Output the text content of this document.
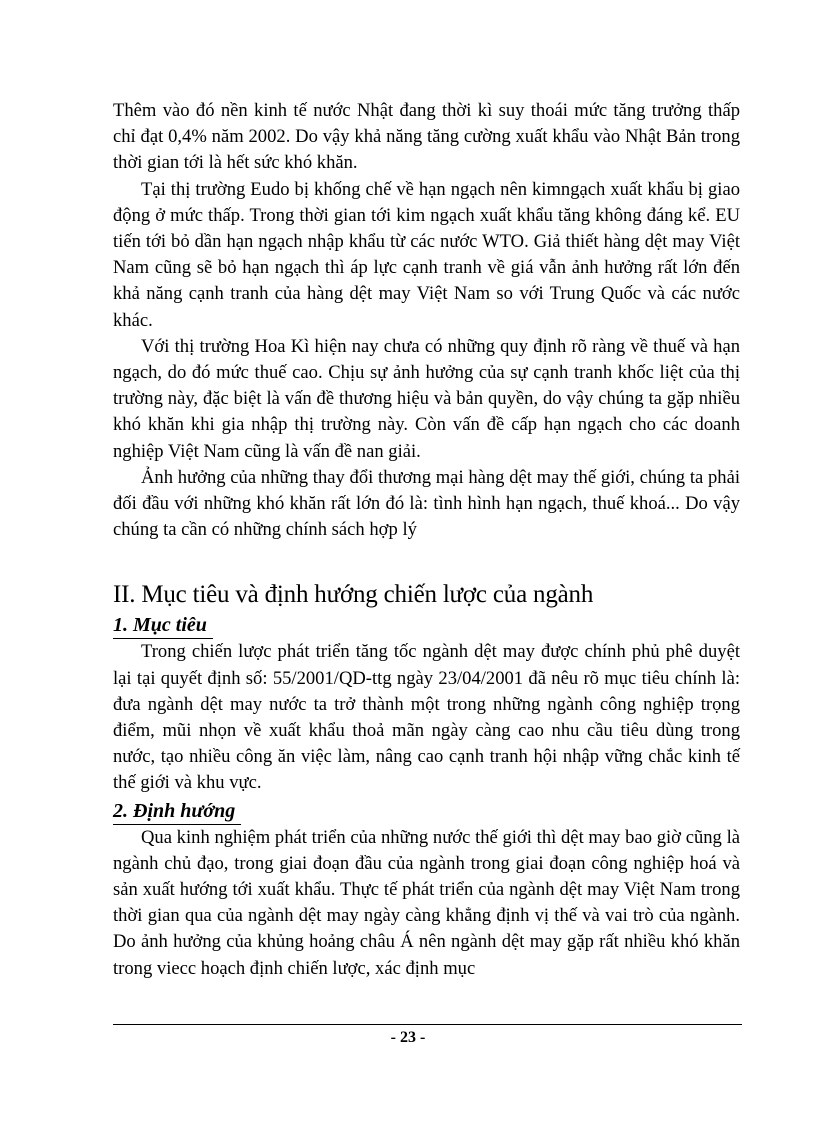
Thêm vào đó nền kinh tế nước Nhật đang thời kì suy thoái mức tăng trưởng thấp chỉ đạt 0,4% năm 2002. Do vậy khả năng tăng cường xuất khẩu vào Nhật Bản trong thời gian tới là hết sức khó khăn.

Tại thị trường Eudo bị khống chế về hạn ngạch nên kimngạch xuất khẩu bị giao động ở mức thấp. Trong thời gian tới kim ngạch xuất khẩu tăng không đáng kể. EU tiến tới bỏ dần hạn ngạch nhập khẩu từ các nước WTO. Giả thiết hàng dệt may Việt Nam cũng sẽ bỏ hạn ngạch thì áp lực cạnh tranh về giá vẫn ảnh hưởng rất lớn đến khả năng cạnh tranh của hàng dệt may Việt Nam so với Trung Quốc và các nước khác.

Với thị trường Hoa Kì hiện nay chưa có những quy định rõ ràng về thuế và hạn ngạch, do đó mức thuế cao. Chịu sự ảnh hưởng của sự cạnh tranh khốc liệt của thị trường này, đặc biệt là vấn đề thương hiệu và bản quyền, do vậy chúng ta gặp nhiều khó khăn khi gia nhập thị trường này. Còn vấn đề cấp hạn ngạch cho các doanh nghiệp Việt Nam cũng là vấn đề nan giải.

Ảnh hưởng của những thay đổi thương mại hàng dệt may thế giới, chúng ta phải đối đầu với những khó khăn rất lớn đó là: tình hình hạn ngạch, thuế khoá... Do vậy chúng ta cần có những chính sách hợp lý

II. Mục tiêu và định hướng chiến lược của ngành
1. Mục tiêu

Trong chiến lược phát triển tăng tốc ngành dệt may được chính phủ phê duyệt lại tại quyết định số: 55/2001/QD-ttg ngày 23/04/2001 đã nêu rõ mục tiêu chính là: đưa ngành dệt may nước ta trở thành một trong những ngành công nghiệp trọng điểm, mũi nhọn về xuất khẩu thoả mãn ngày càng cao nhu cầu tiêu dùng trong nước, tạo nhiều công ăn việc làm, nâng cao cạnh tranh hội nhập vững chắc kinh tế thế giới và khu vực.

2. Định hướng

Qua kinh nghiệm phát triển của những nước thế giới thì dệt may bao giờ cũng là ngành chủ đạo, trong giai đoạn đầu của ngành trong giai đoạn công nghiệp hoá và sản xuất hướng tới xuất khẩu. Thực tế phát triển của ngành dệt may Việt Nam trong thời gian qua của ngành dệt may ngày càng khẳng định vị thế và vai trò của ngành. Do ảnh hưởng của khủng hoảng châu Á nên ngành dệt may gặp rất nhiều khó khăn trong viecc hoạch định chiến lược, xác định mục

- 23 -
